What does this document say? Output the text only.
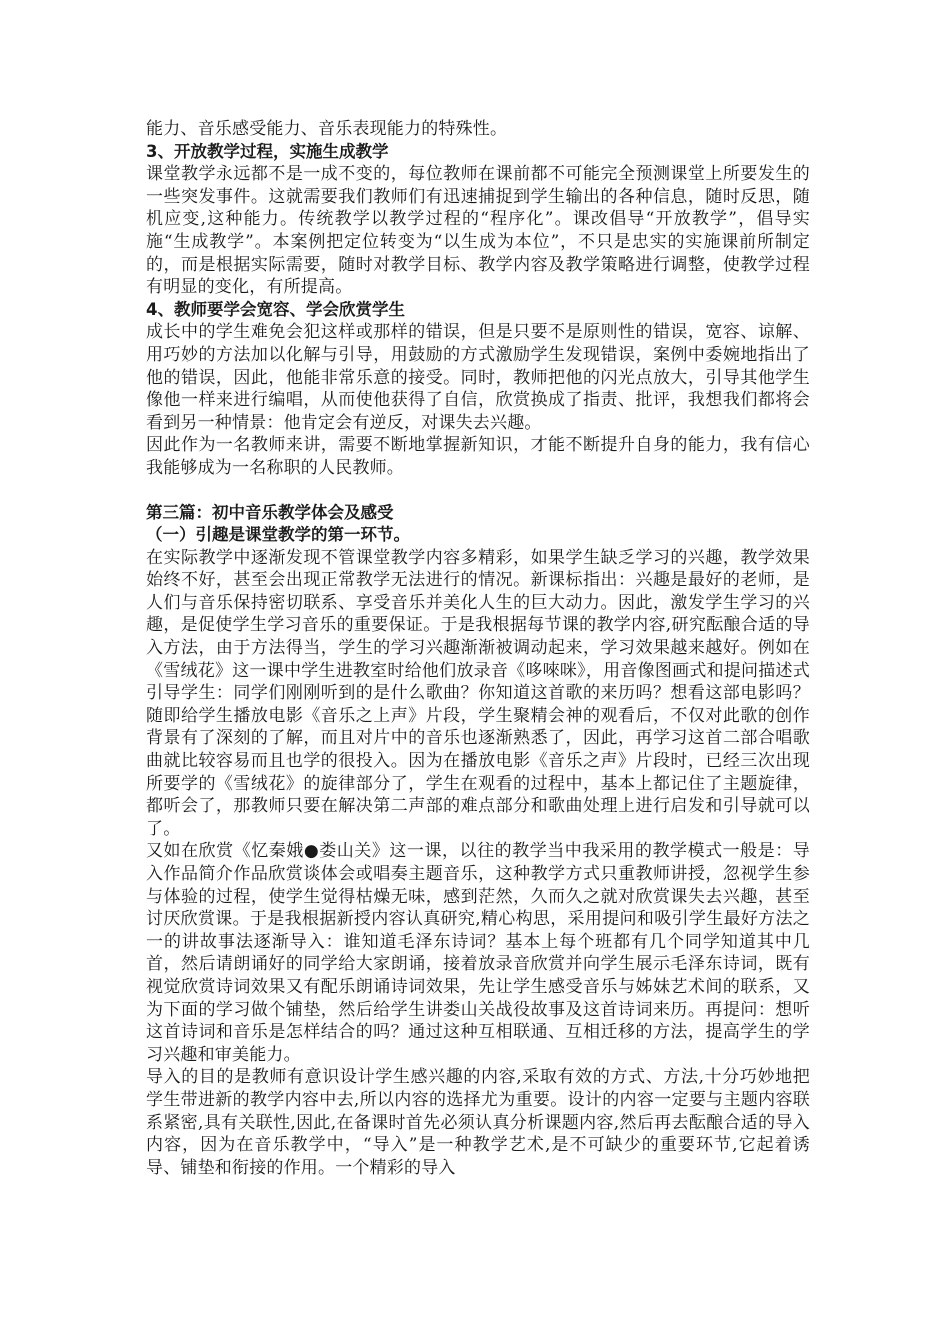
能力、音乐感受能力、音乐表现能力的特殊性。

3、开放教学过程，实施生成教学

课堂教学永远都不是一成不变的，每位教师在课前都不可能完全预测课堂上所要发生的一些突发事件。这就需要我们教师们有迅速捕捉到学生输出的各种信息，随时反思，随机应变,这种能力。传统教学以教学过程的“程序化”。课改倡导“开放教学”，倡导实施“生成教学”。本案例把定位转变为“以生成为本位”，不只是忠实的实施课前所制定的，而是根据实际需要，随时对教学目标、教学内容及教学策略进行调整，使教学过程有明显的变化，有所提高。

4、教师要学会宽容、学会欣赏学生

成长中的学生难免会犯这样或那样的错误，但是只要不是原则性的错误，宽容、谅解、用巧妙的方法加以化解与引导，用鼓励的方式激励学生发现错误，案例中委婉地指出了他的错误，因此，他能非常乐意的接受。同时，教师把他的闪光点放大，引导其他学生像他一样来进行编唱，从而使他获得了自信，欣赏换成了指责、批评，我想我们都将会看到另一种情景：他肯定会有逆反，对课失去兴趣。

因此作为一名教师来讲，需要不断地掌握新知识，才能不断提升自身的能力，我有信心我能够成为一名称职的人民教师。

第三篇：初中音乐教学体会及感受

（一）引趣是课堂教学的第一环节。

在实际教学中逐渐发现不管课堂教学内容多精彩，如果学生缺乏学习的兴趣，教学效果始终不好，甚至会出现正常教学无法进行的情况。新课标指出：兴趣是最好的老师，是人们与音乐保持密切联系、享受音乐并美化人生的巨大动力。因此，激发学生学习的兴趣，是促使学生学习音乐的重要保证。于是我根据每节课的教学内容,研究酝酿合适的导入方法，由于方法得当，学生的学习兴趣渐渐被调动起来，学习效果越来越好。例如在《雪绒花》这一课中学生进教室时给他们放录音《哆唻咪》，用音像图画式和提问描述式引导学生：同学们刚刚听到的是什么歌曲？你知道这首歌的来历吗？想看这部电影吗？随即给学生播放电影《音乐之上声》片段，学生聚精会神的观看后，不仅对此歌的创作背景有了深刻的了解，而且对片中的音乐也逐渐熟悉了，因此，再学习这首二部合唱歌曲就比较容易而且也学的很投入。因为在播放电影《音乐之声》片段时，已经三次出现所要学的《雪绒花》的旋律部分了，学生在观看的过程中，基本上都记住了主题旋律，都听会了，那教师只要在解决第二声部的难点部分和歌曲处理上进行启发和引导就可以了。

又如在欣赏《忆秦娥●娄山关》这一课，以往的教学当中我采用的教学模式一般是：导入作品简介作品欣赏谈体会或唱奏主题音乐，这种教学方式只重教师讲授，忽视学生参与体验的过程，使学生觉得枯燥无味，感到茫然，久而久之就对欣赏课失去兴趣，甚至讨厌欣赏课。于是我根据新授内容认真研究,精心构思，采用提问和吸引学生最好方法之一的讲故事法逐渐导入：谁知道毛泽东诗词？基本上每个班都有几个同学知道其中几首，然后请朗诵好的同学给大家朗诵，接着放录音欣赏并向学生展示毛泽东诗词，既有视觉欣赏诗词效果又有配乐朗诵诗词效果，先让学生感受音乐与姊妹艺术间的联系，又为下面的学习做个铺垫，然后给学生讲娄山关战役故事及这首诗词来历。再提问：想听这首诗词和音乐是怎样结合的吗？通过这种互相联通、互相迁移的方法，提高学生的学习兴趣和审美能力。

导入的目的是教师有意识设计学生感兴趣的内容,采取有效的方式、方法,十分巧妙地把学生带进新的教学内容中去,所以内容的选择尤为重要。设计的内容一定要与主题内容联系紧密,具有关联性,因此,在备课时首先必须认真分析课题内容,然后再去酝酿合适的导入内容，因为在音乐教学中，“导入”是一种教学艺术,是不可缺少的重要环节,它起着诱导、铺垫和衔接的作用。一个精彩的导入
